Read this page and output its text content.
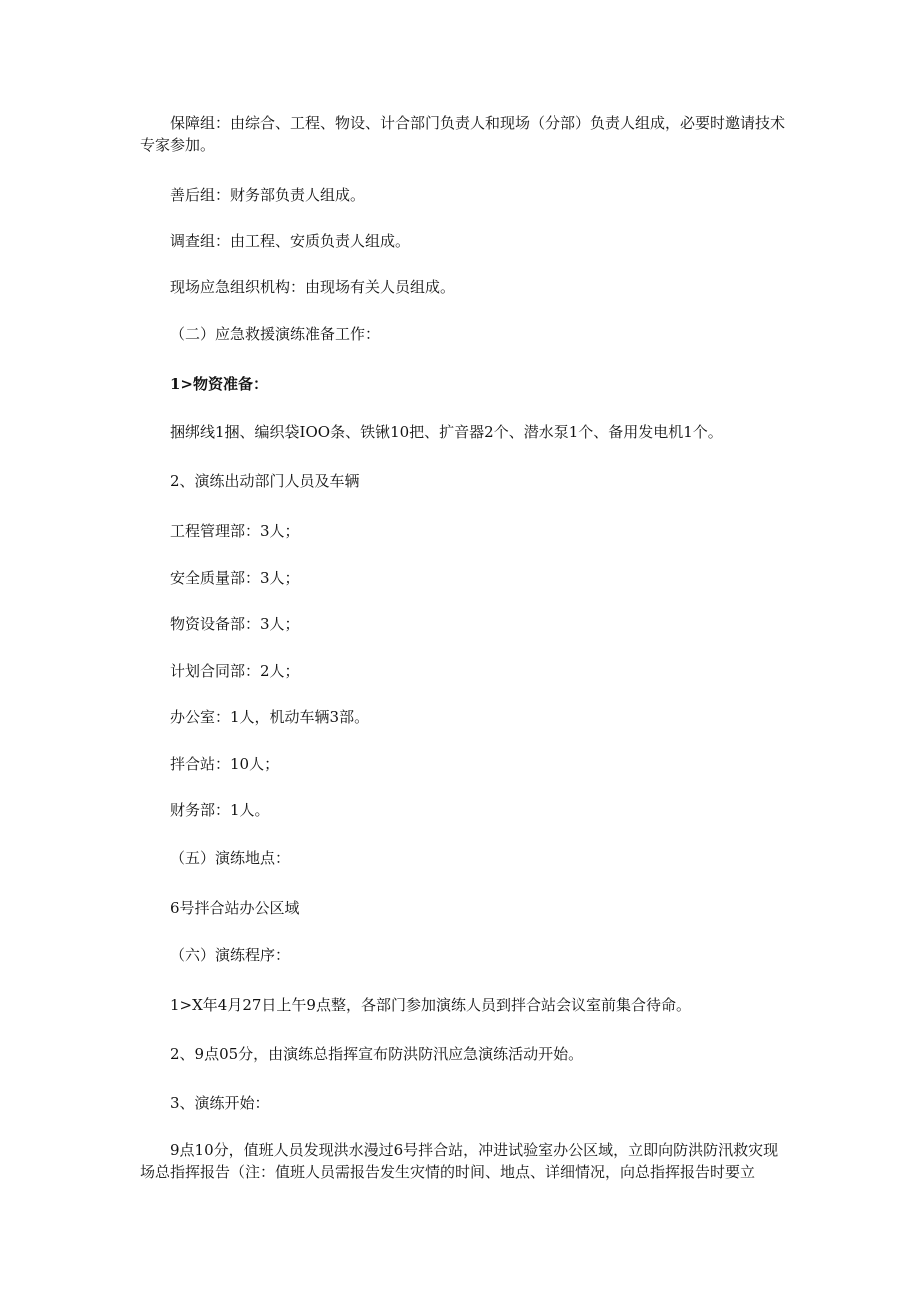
保障组：由综合、工程、物设、计合部门负责人和现场（分部）负责人组成，必要时邀请技术专家参加。

善后组：财务部负责人组成。

调查组：由工程、安质负责人组成。

现场应急组织机构：由现场有关人员组成。

（二）应急救援演练准备工作：

1>物资准备：

捆绑线1捆、编织袋IOO条、铁锹10把、扩音器2个、潜水泵1个、备用发电机1个。

2、演练出动部门人员及车辆

工程管理部：3人；

安全质量部：3人；

物资设备部：3人；

计划合同部：2人；

办公室：1人，机动车辆3部。

拌合站：10人；

财务部：1人。

（五）演练地点：

6号拌合站办公区域

（六）演练程序：

1>X年4月27日上午9点整，各部门参加演练人员到拌合站会议室前集合待命。

2、9点05分，由演练总指挥宣布防洪防汛应急演练活动开始。

3、演练开始：

9点10分，值班人员发现洪水漫过6号拌合站，冲进试验室办公区域，立即向防洪防汛救灾现场总指挥报告（注：值班人员需报告发生灾情的时间、地点、详细情况，向总指挥报告时要立
